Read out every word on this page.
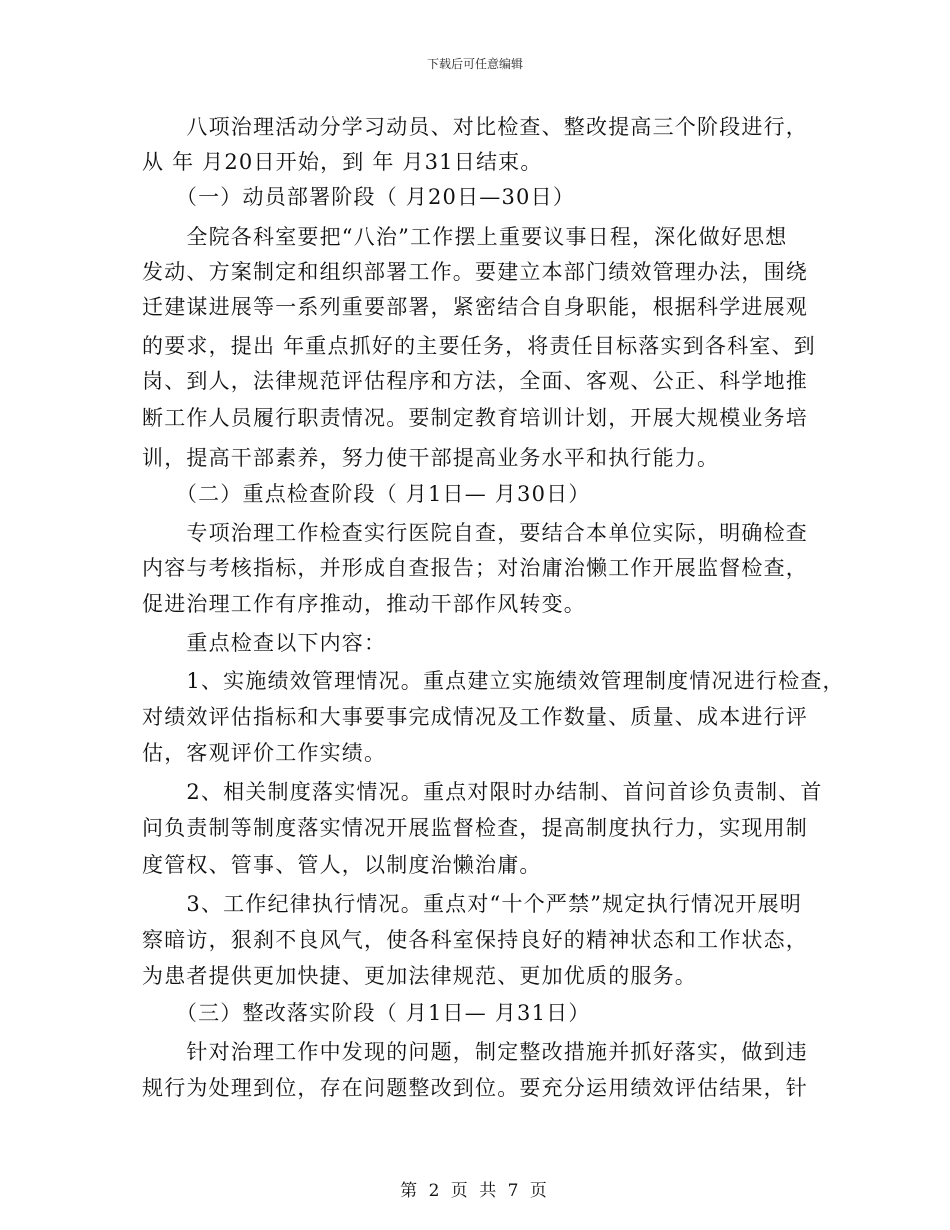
下载后可任意编辑
　　八项治理活动分学习动员、对比检查、整改提高三个阶段进行，
从 年 月20日开始，到 年 月31日结束。
　　（一）动员部署阶段（ 月20日—30日）
　　全院各科室要把“八治”工作摆上重要议事日程，深化做好思想
发动、方案制定和组织部署工作。要建立本部门绩效管理办法，围绕
迁建谋进展等一系列重要部署，紧密结合自身职能，根据科学进展观
的要求，提出 年重点抓好的主要任务，将责任目标落实到各科室、到
岗、到人，法律规范评估程序和方法，全面、客观、公正、科学地推
断工作人员履行职责情况。要制定教育培训计划，开展大规模业务培
训，提高干部素养，努力使干部提高业务水平和执行能力。
　　（二）重点检查阶段（ 月1日— 月30日）
　　专项治理工作检查实行医院自查，要结合本单位实际，明确检查
内容与考核指标，并形成自查报告；对治庸治懒工作开展监督检查，
促进治理工作有序推动，推动干部作风转变。
　　重点检查以下内容：
　　1、实施绩效管理情况。重点建立实施绩效管理制度情况进行检查，
对绩效评估指标和大事要事完成情况及工作数量、质量、成本进行评
估，客观评价工作实绩。
　　2、相关制度落实情况。重点对限时办结制、首问首诊负责制、首
问负责制等制度落实情况开展监督检查，提高制度执行力，实现用制
度管权、管事、管人，以制度治懒治庸。
　　3、工作纪律执行情况。重点对“十个严禁”规定执行情况开展明
察暗访，狠刹不良风气，使各科室保持良好的精神状态和工作状态，
为患者提供更加快捷、更加法律规范、更加优质的服务。
　　（三）整改落实阶段（ 月1日— 月31日）
　　针对治理工作中发现的问题，制定整改措施并抓好落实，做到违
规行为处理到位，存在问题整改到位。要充分运用绩效评估结果，针
第 2 页 共 7 页
